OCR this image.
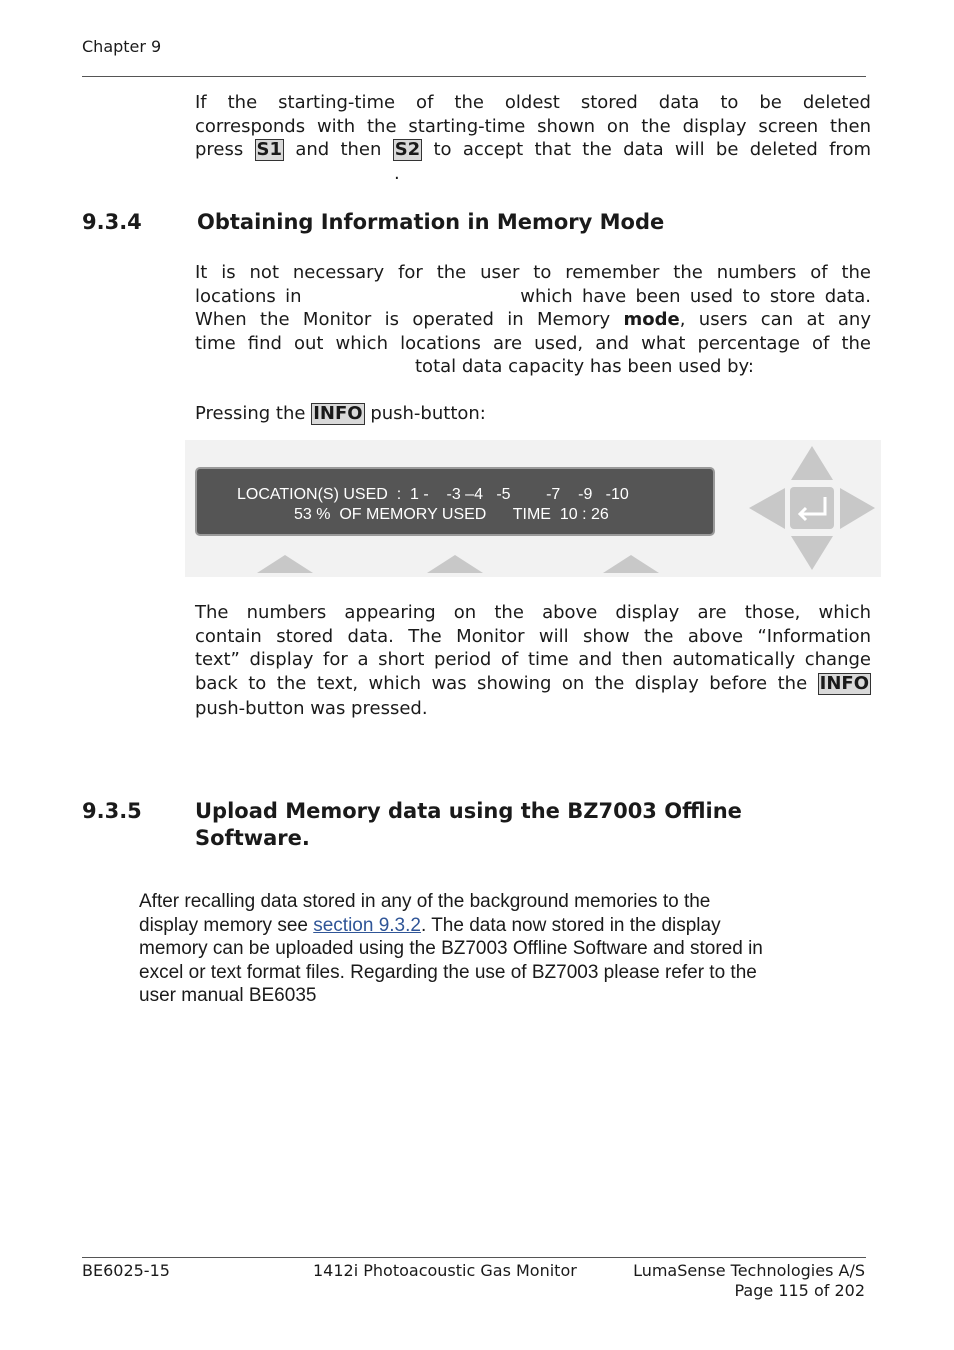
Chapter 9
If the starting-time of the oldest stored data to be deleted
corresponds with the starting-time shown on the display screen then
press S1 and then S2 to accept that the data will be deleted from
.
9.3.4	Obtaining Information in Memory Mode
It is not necessary for the user to remember the numbers of the
locations in	which have been used to store data.
When the Monitor is operated in Memory mode, users can at any
time find out which locations are used, and what percentage of the
total data capacity has been used by:
Pressing the INFO push-button:
LOCATION(S) USED  :  1 -    -3 –4   -5        -7    -9   -10
53 %  OF MEMORY USED      TIME  10 : 26
The numbers appearing on the above display are those, which
contain stored data. The Monitor will show the above “Information
text” display for a short period of time and then automatically change
back to the text, which was showing on the display before the INFO
push-button was pressed.
9.3.5	Upload Memory data using the BZ7003 Offline
Software.
After recalling data stored in any of the background memories to the
display memory see section 9.3.2. The data now stored in the display
memory can be uploaded using the BZ7003 Offline Software and stored in
excel or text format files. Regarding the use of BZ7003 please refer to the
user manual BE6035
BE6025-15	1412i Photoacoustic Gas Monitor	LumaSense Technologies A/S
Page 115 of 202
